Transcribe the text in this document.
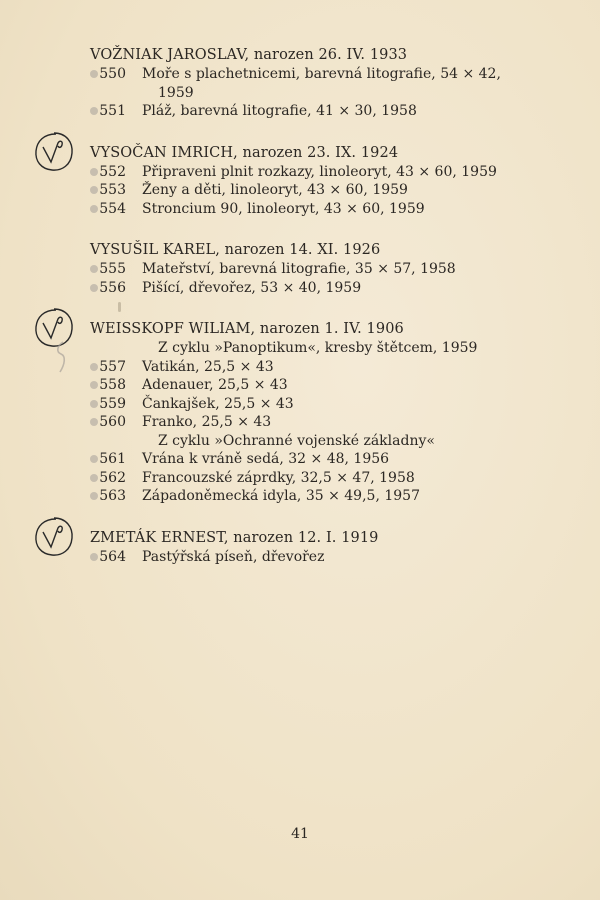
VOŽNIAK JAROSLAV, narozen 26. IV. 1933
550 Moře s plachetnicemi, barevná litografie, 54 × 42,
1959
551 Pláž, barevná litografie, 41 × 30, 1958
VYSOČAN IMRICH, narozen 23. IX. 1924
552 Připraveni plnit rozkazy, linoleoryt, 43 × 60, 1959
553 Ženy a děti, linoleoryt, 43 × 60, 1959
554 Stroncium 90, linoleoryt, 43 × 60, 1959
VYSUŠIL KAREL, narozen 14. XI. 1926
555 Mateřství, barevná litografie, 35 × 57, 1958
556 Pišící, dřevořez, 53 × 40, 1959
WEISSKOPF WILIAM, narozen 1. IV. 1906
Z cyklu »Panoptikum«, kresby štětcem, 1959
557 Vatikán, 25,5 × 43
558 Adenauer, 25,5 × 43
559 Čankajšek, 25,5 × 43
560 Franko, 25,5 × 43
Z cyklu »Ochranné vojenské základny«
561 Vrána k vráně sedá, 32 × 48, 1956
562 Francouzské záprdky, 32,5 × 47, 1958
563 Západoněmecká idyla, 35 × 49,5, 1957
ZMETÁK ERNEST, narozen 12. I. 1919
564 Pastýřská píseň, dřevořez
41
